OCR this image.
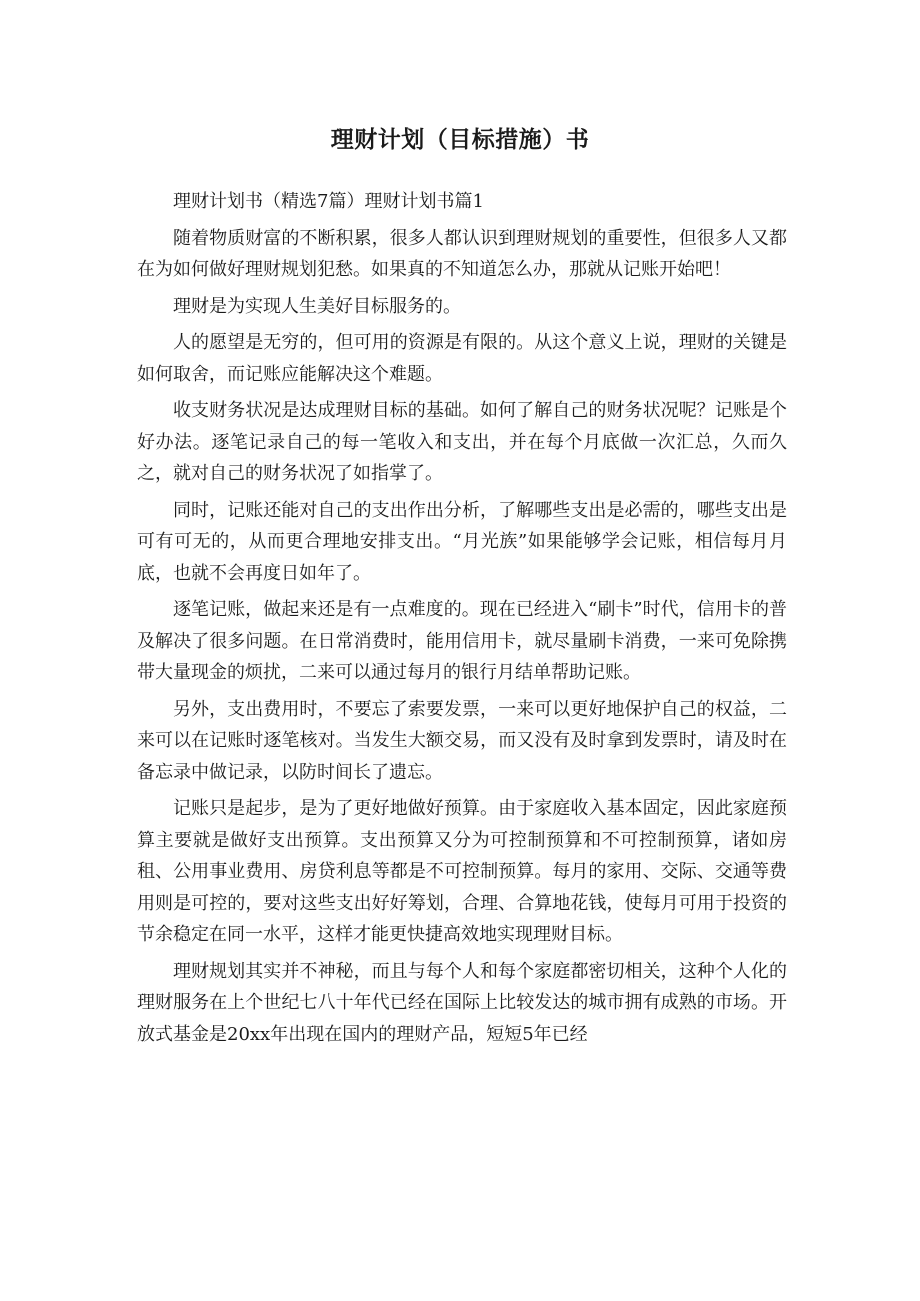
理财计划（目标措施）书

理财计划书（精选7篇）理财计划书篇1

随着物质财富的不断积累，很多人都认识到理财规划的重要性，但很多人又都在为如何做好理财规划犯愁。如果真的不知道怎么办，那就从记账开始吧！

理财是为实现人生美好目标服务的。

人的愿望是无穷的，但可用的资源是有限的。从这个意义上说，理财的关键是如何取舍，而记账应能解决这个难题。

收支财务状况是达成理财目标的基础。如何了解自己的财务状况呢？记账是个好办法。逐笔记录自己的每一笔收入和支出，并在每个月底做一次汇总，久而久之，就对自己的财务状况了如指掌了。

同时，记账还能对自己的支出作出分析，了解哪些支出是必需的，哪些支出是可有可无的，从而更合理地安排支出。“月光族”如果能够学会记账，相信每月月底，也就不会再度日如年了。

逐笔记账，做起来还是有一点难度的。现在已经进入“刷卡”时代，信用卡的普及解决了很多问题。在日常消费时，能用信用卡，就尽量刷卡消费，一来可免除携带大量现金的烦扰，二来可以通过每月的银行月结单帮助记账。

另外，支出费用时，不要忘了索要发票，一来可以更好地保护自己的权益，二来可以在记账时逐笔核对。当发生大额交易，而又没有及时拿到发票时，请及时在备忘录中做记录，以防时间长了遗忘。

记账只是起步，是为了更好地做好预算。由于家庭收入基本固定，因此家庭预算主要就是做好支出预算。支出预算又分为可控制预算和不可控制预算，诸如房租、公用事业费用、房贷利息等都是不可控制预算。每月的家用、交际、交通等费用则是可控的，要对这些支出好好筹划，合理、合算地花钱，使每月可用于投资的节余稳定在同一水平，这样才能更快捷高效地实现理财目标。

理财规划其实并不神秘，而且与每个人和每个家庭都密切相关，这种个人化的理财服务在上个世纪七八十年代已经在国际上比较发达的城市拥有成熟的市场。开放式基金是20xx年出现在国内的理财产品，短短5年已经
